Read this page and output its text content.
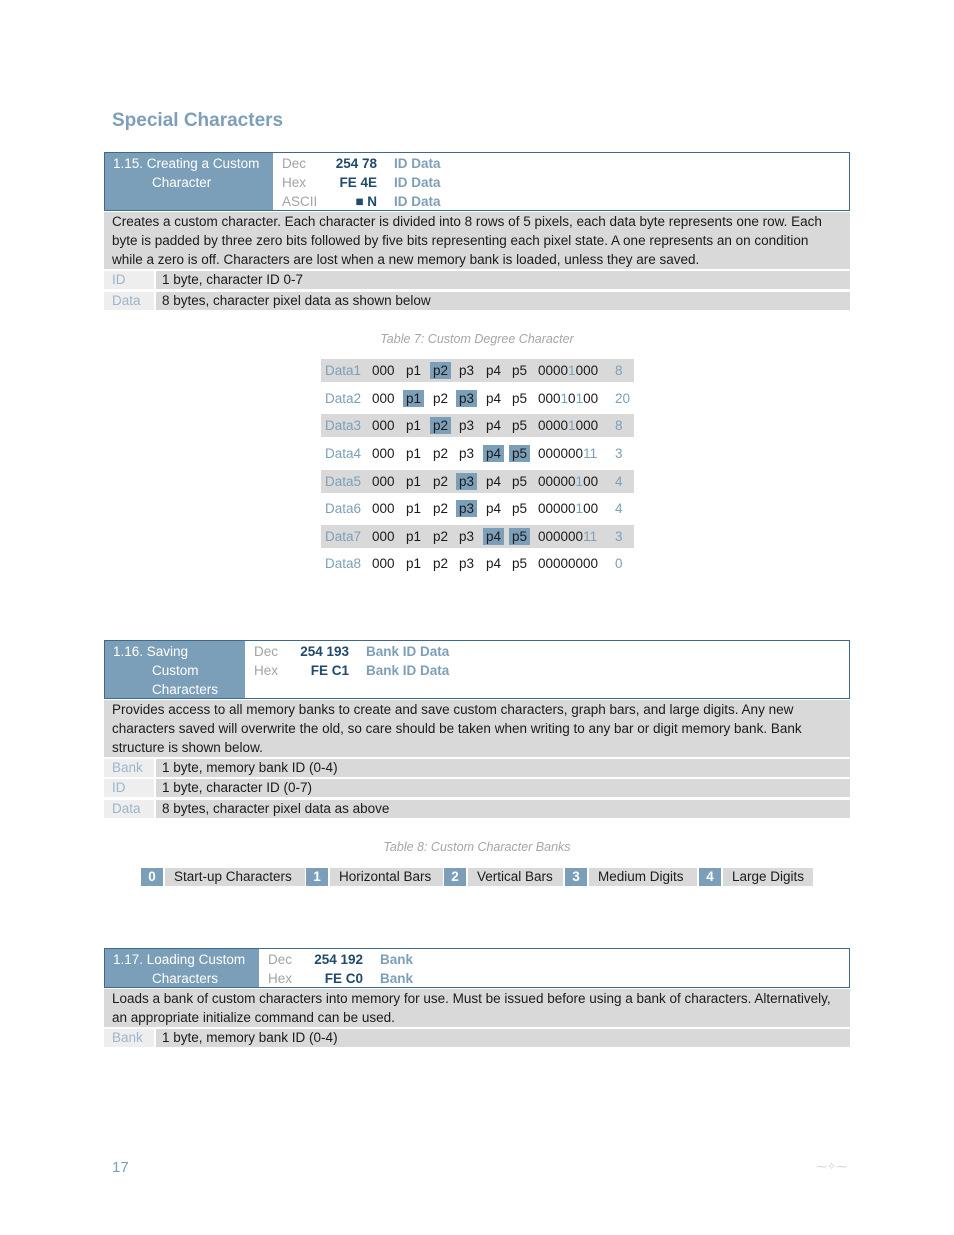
Special Characters
1.15. Creating a Custom
Character
Dec	254 78 ID Data
Hex	FE 4E ID Data
ASCII	■ N ID Data
Creates a custom character. Each character is divided into 8 rows of 5 pixels, each data byte represents one row. Each byte is padded by three zero bits followed by five bits representing each pixel state. A one represents an on condition while a zero is off. Characters are lost when a new memory bank is loaded, unless they are saved.
ID	1 byte, character ID 0-7
Data	8 bytes, character pixel data as shown below
Table 7: Custom Degree Character
Data1 000 p1 p2 p3 p4 p5 00001000 8
Data2 000 p1 p2 p3 p4 p5 00010100 20
Data3 000 p1 p2 p3 p4 p5 00001000 8
Data4 000 p1 p2 p3 p4 p5 00000011 3
Data5 000 p1 p2 p3 p4 p5 00000100 4
Data6 000 p1 p2 p3 p4 p5 00000100 4
Data7 000 p1 p2 p3 p4 p5 00000011 3
Data8 000 p1 p2 p3 p4 p5 00000000 0
1.16. Saving
Custom
Characters
Dec	254 193 Bank ID Data
Hex	FE C1 Bank ID Data
Provides access to all memory banks to create and save custom characters, graph bars, and large digits. Any new characters saved will overwrite the old, so care should be taken when writing to any bar or digit memory bank. Bank structure is shown below.
Bank	1 byte, memory bank ID (0-4)
ID	1 byte, character ID (0-7)
Data	8 bytes, character pixel data as above
Table 8: Custom Character Banks
0	Start-up Characters	1	Horizontal Bars	2	Vertical Bars	3	Medium Digits	4	Large Digits
1.17. Loading Custom
Characters
Dec	254 192 Bank
Hex	FE C0 Bank
Loads a bank of custom characters into memory for use. Must be issued before using a bank of characters. Alternatively, an appropriate initialize command can be used.
Bank	1 byte, memory bank ID (0-4)
17	⁓✧⁓
